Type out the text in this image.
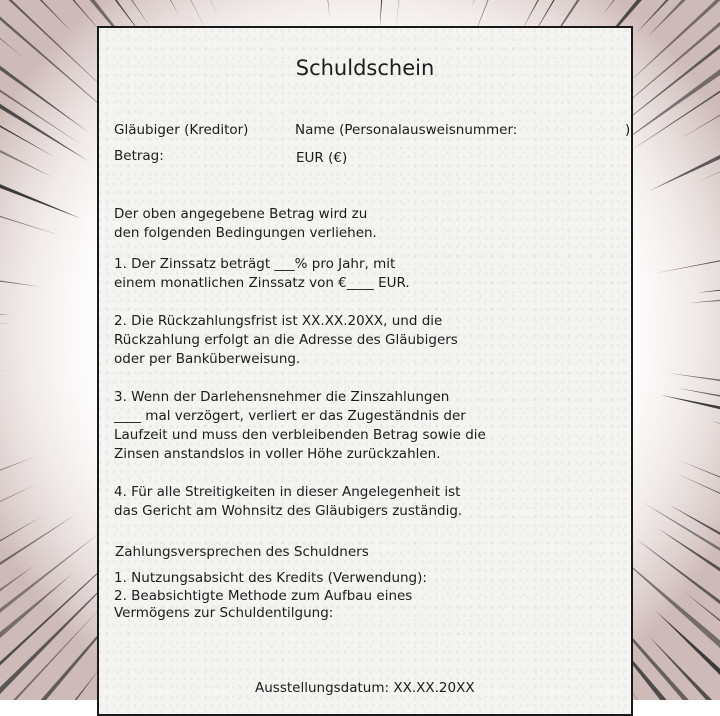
Schuldschein
Gläubiger (Kreditor)	Name (Personalausweisnummer:	)
Betrag:	EUR (€)
Der oben angegebene Betrag wird zu
den folgenden Bedingungen verliehen.
1. Der Zinssatz beträgt ___% pro Jahr, mit
einem monatlichen Zinssatz von €____ EUR.
2. Die Rückzahlungsfrist ist XX.XX.20XX, und die
Rückzahlung erfolgt an die Adresse des Gläubigers
oder per Banküberweisung.
3. Wenn der Darlehensnehmer die Zinszahlungen
____ mal verzögert, verliert er das Zugeständnis der
Laufzeit und muss den verbleibenden Betrag sowie die
Zinsen anstandslos in voller Höhe zurückzahlen.
4. Für alle Streitigkeiten in dieser Angelegenheit ist
das Gericht am Wohnsitz des Gläubigers zuständig.
Zahlungsversprechen des Schuldners
1. Nutzungsabsicht des Kredits (Verwendung):
2. Beabsichtigte Methode zum Aufbau eines
Vermögens zur Schuldentilgung:
Ausstellungsdatum: XX.XX.20XX
